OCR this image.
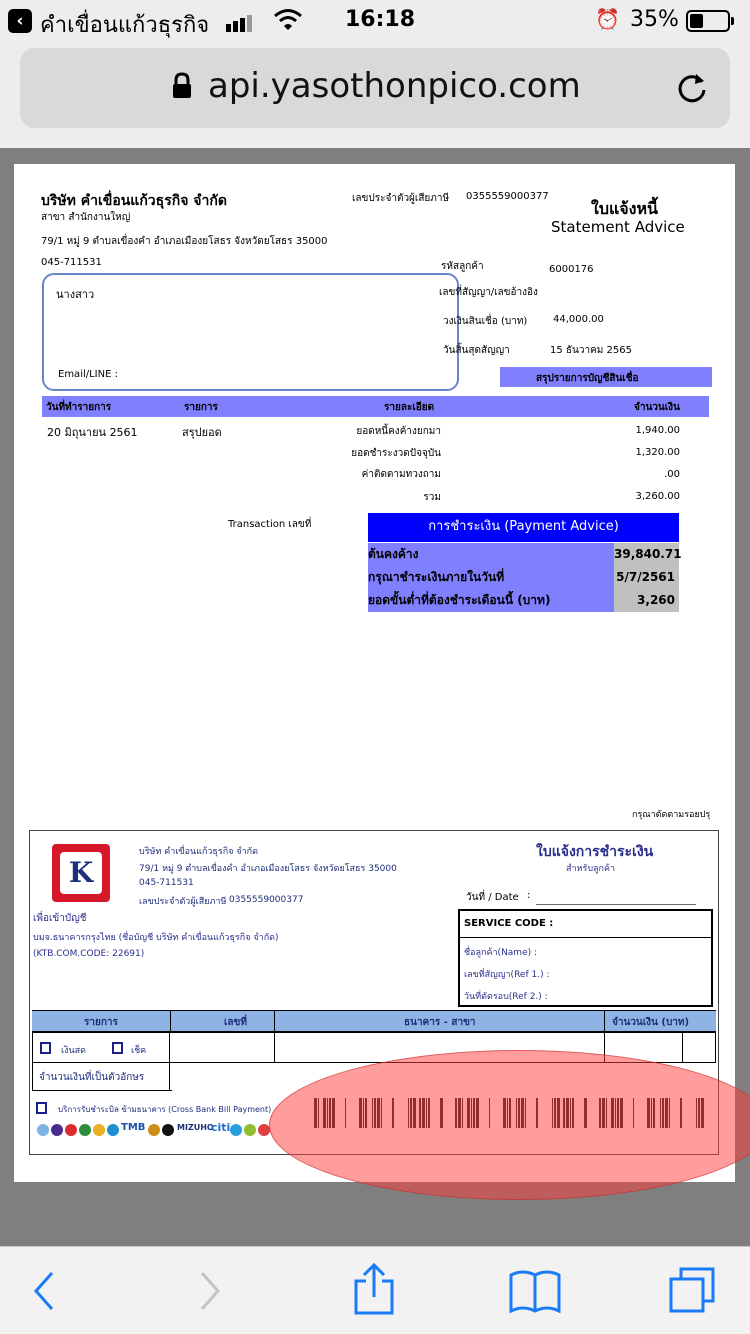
‹ คำเขื่อนแก้วธุรกิจ	16:18	⏰ 35%
api.yasothonpico.com
บริษัท คำเขื่อนแก้วธุรกิจ จำกัด
สาขา สำนักงานใหญ่
79/1 หมู่ 9 ตำบลเขื่องคำ อำเภอเมืองยโสธร จังหวัดยโสธร 35000
045-711531
เลขประจำตัวผู้เสียภาษี 0355559000377
ใบแจ้งหนี้
Statement Advice
นางสาว
Email/LINE :
รหัสลูกค้า	6000176
เลขที่สัญญา/เลขอ้างอิง
วงเงินสินเชื่อ (บาท)	44,000.00
วันสิ้นสุดสัญญา	15 ธันวาคม 2565
สรุปรายการบัญชีสินเชื่อ
วันที่ทำรายการ	รายการ	รายละเอียด	จำนวนเงิน
20 มิถุนายน 2561	สรุปยอด	ยอดหนี้คงค้างยกมา	1,940.00
ยอดชำระงวดปัจจุบัน	1,320.00
ค่าติดตามทวงถาม	.00
รวม	3,260.00
Transaction เลขที่	การชำระเงิน (Payment Advice)
ต้นคงค้าง	39,840.71
กรุณาชำระเงินภายในวันที่	5/7/2561
ยอดขั้นต่ำที่ต้องชำระเดือนนี้ (บาท)	3,260
กรุณาตัดตามรอยปรุ
K
บริษัท คำเขื่อนแก้วธุรกิจ จำกัด
79/1 หมู่ 9 ตำบลเขื่องคำ อำเภอเมืองยโสธร จังหวัดยโสธร 35000
045-711531
เลขประจำตัวผู้เสียภาษี 0355559000377
ใบแจ้งการชำระเงิน
สำหรับลูกค้า
วันที่ / Date :
เพื่อเข้าบัญชี
บมจ.ธนาคารกรุงไทย (ชื่อบัญชี บริษัท คำเขื่อนแก้วธุรกิจ จำกัด)
(KTB.COM.CODE: 22691)
SERVICE CODE :
ชื่อลูกค้า(Name) :
เลขที่สัญญา(Ref 1.) :
วันที่ตัดรอบ(Ref 2.) :
รายการ	เลขที่	ธนาคาร - สาขา	จำนวนเงิน (บาท)
เงินสด	เช็ค
จำนวนเงินที่เป็นตัวอักษร
บริการรับชำระบิล ข้ามธนาคาร (Cross Bank Bill Payment)
TMB	MIZUHO
citi
